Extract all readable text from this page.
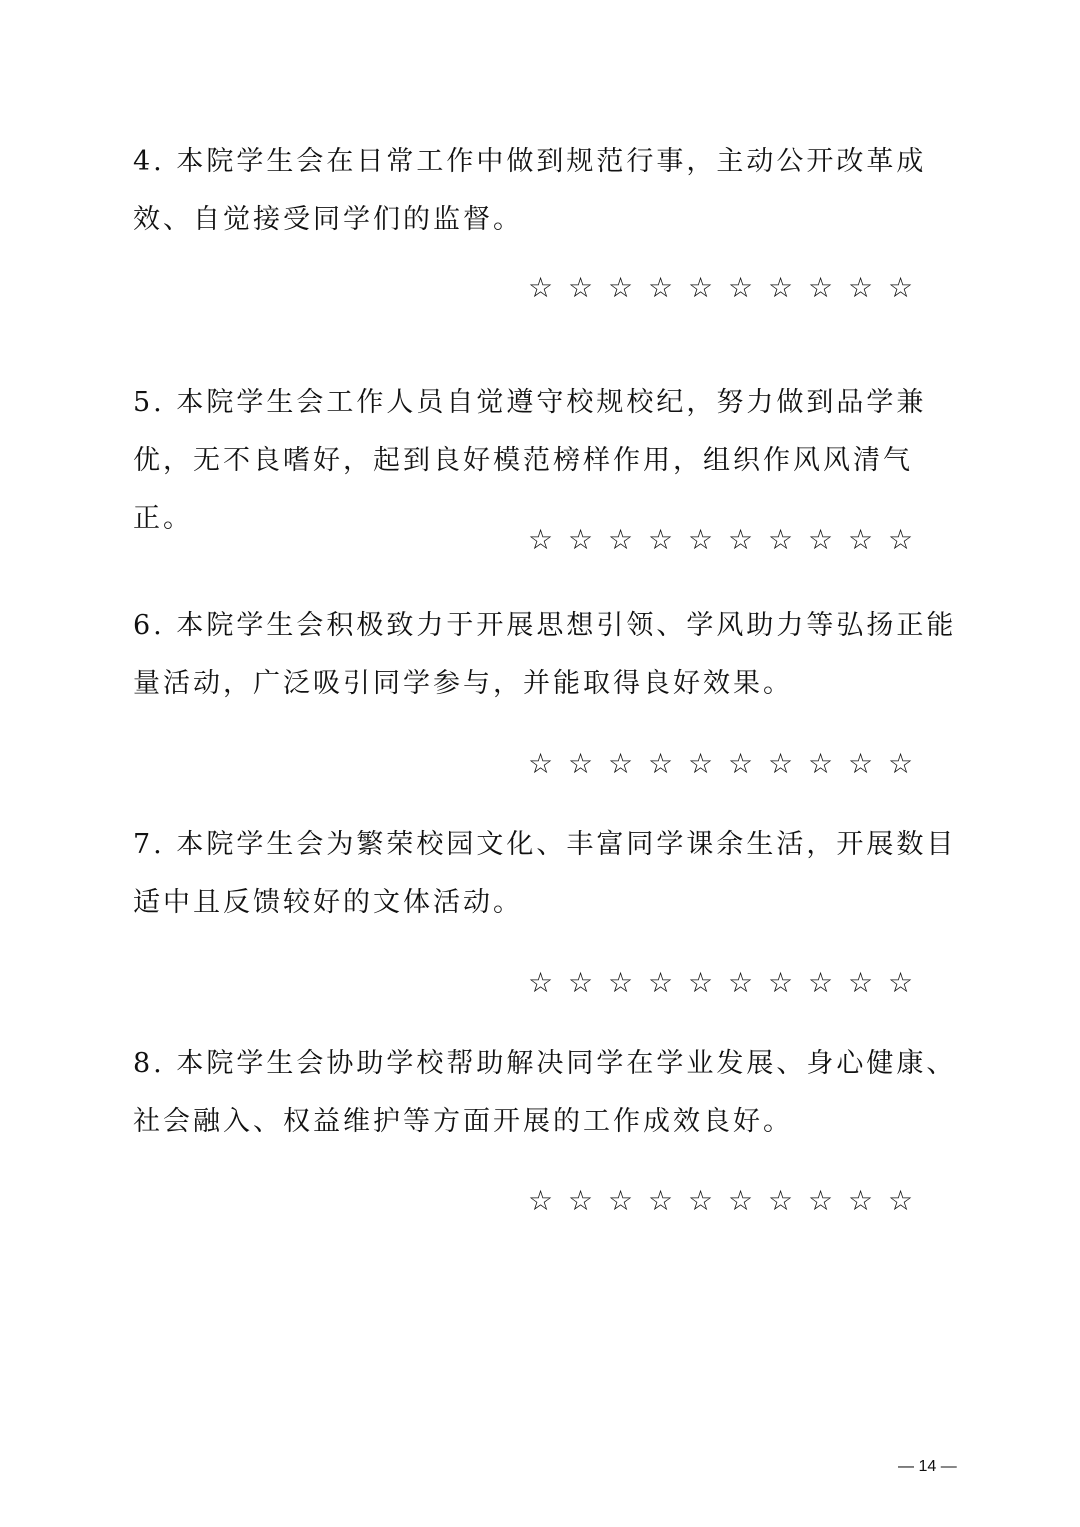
4. 本院学生会在日常工作中做到规范行事，主动公开改革成效、自觉接受同学们的监督。

☆ ☆ ☆ ☆ ☆ ☆ ☆ ☆ ☆ ☆

5. 本院学生会工作人员自觉遵守校规校纪，努力做到品学兼优，无不良嗜好，起到良好模范榜样作用，组织作风风清气正。

☆ ☆ ☆ ☆ ☆ ☆ ☆ ☆ ☆ ☆

6. 本院学生会积极致力于开展思想引领、学风助力等弘扬正能量活动，广泛吸引同学参与，并能取得良好效果。

☆ ☆ ☆ ☆ ☆ ☆ ☆ ☆ ☆ ☆

7. 本院学生会为繁荣校园文化、丰富同学课余生活，开展数目适中且反馈较好的文体活动。

☆ ☆ ☆ ☆ ☆ ☆ ☆ ☆ ☆ ☆

8. 本院学生会协助学校帮助解决同学在学业发展、身心健康、社会融入、权益维护等方面开展的工作成效良好。

☆ ☆ ☆ ☆ ☆ ☆ ☆ ☆ ☆ ☆
— 14 —
